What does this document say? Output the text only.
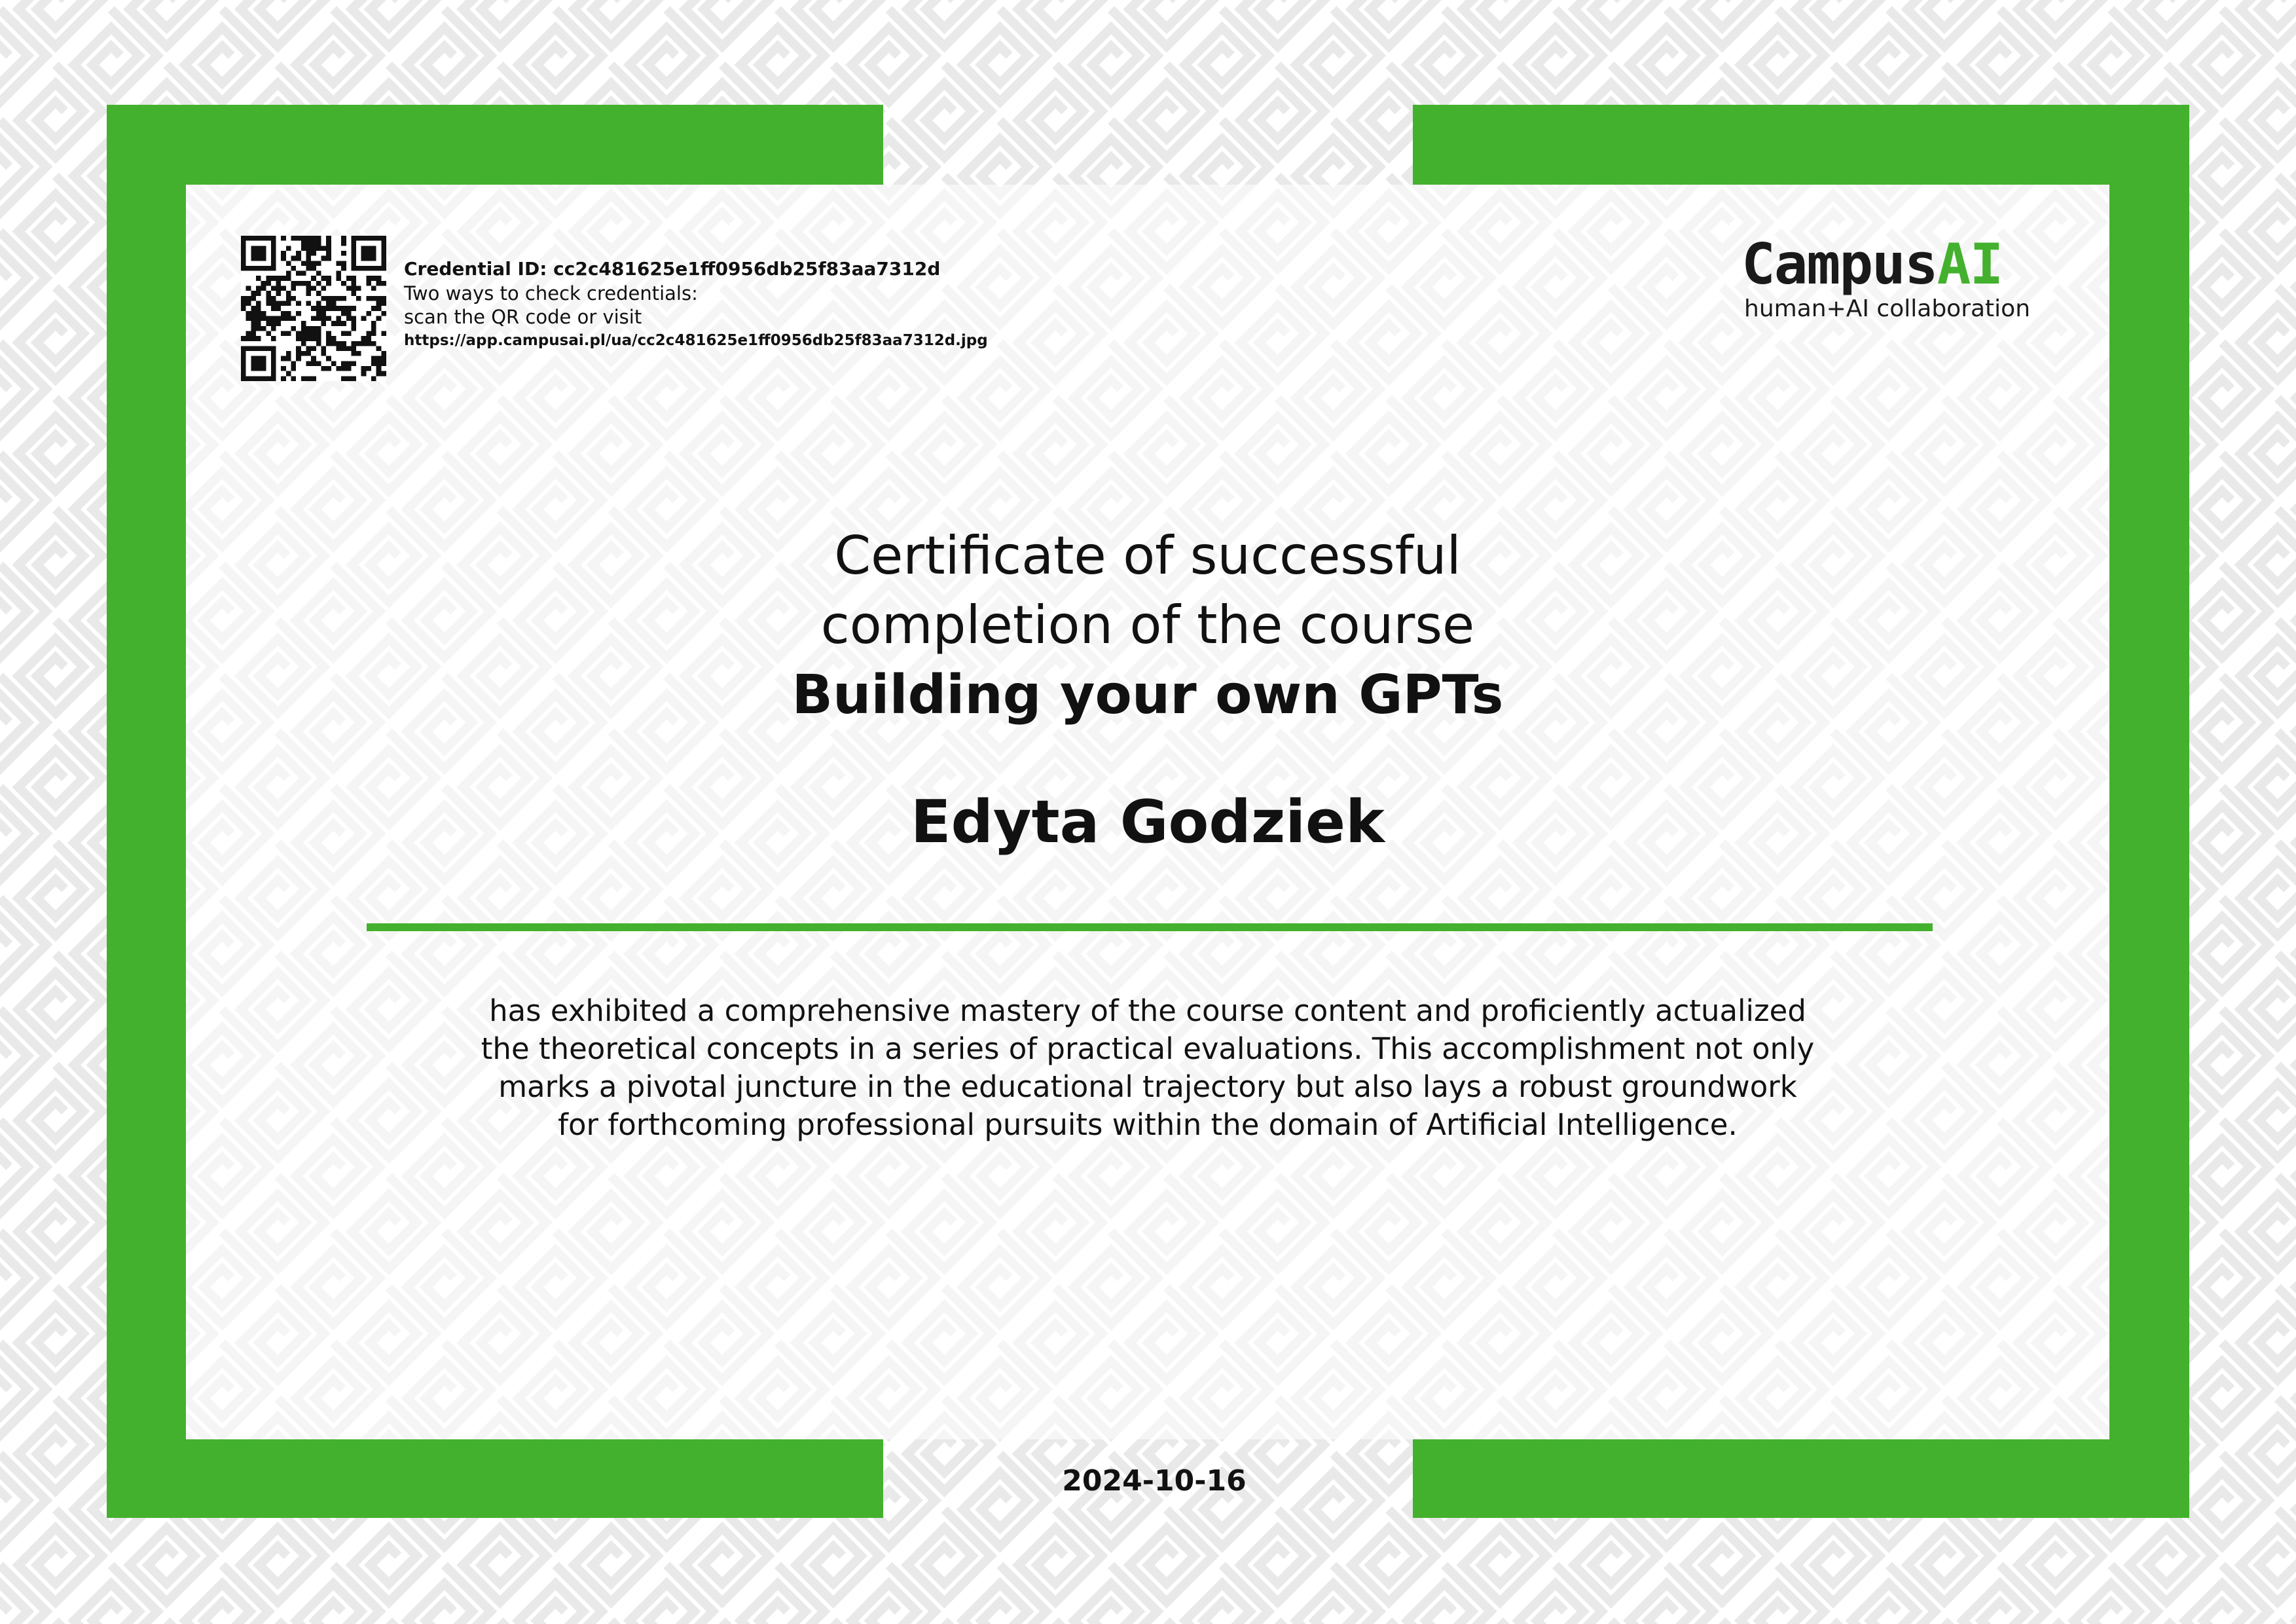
Credential ID: cc2c481625e1ff0956db25f83aa7312d
Two ways to check credentials:
scan the QR code or visit
https://app.campusai.pl/ua/cc2c481625e1ff0956db25f83aa7312d.jpg
CampusAI
human+AI collaboration
Certificate of successful
completion of the course
Building your own GPTs
Edyta Godziek
has exhibited a comprehensive mastery of the course content and proficiently actualized
the theoretical concepts in a series of practical evaluations. This accomplishment not only
marks a pivotal juncture in the educational trajectory but also lays a robust groundwork
for forthcoming professional pursuits within the domain of Artificial Intelligence.
2024-10-16
